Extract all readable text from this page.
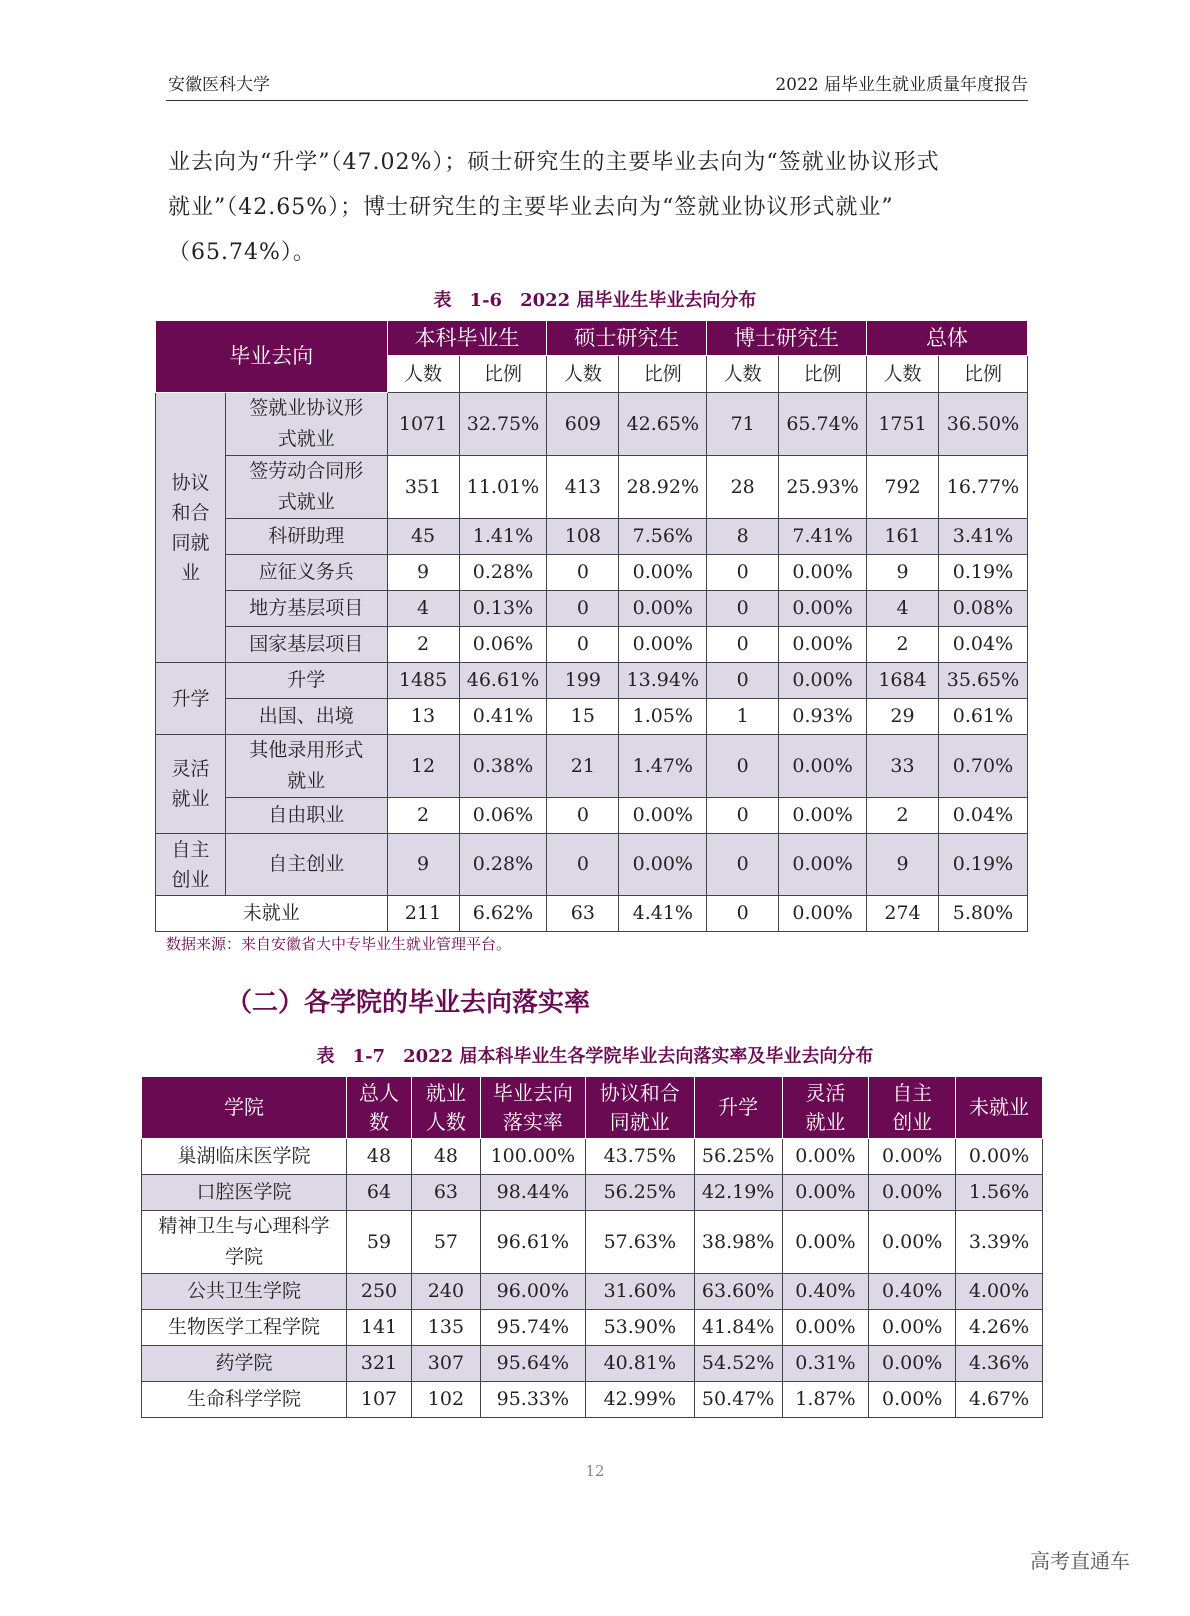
安徽医科大学	2022 届毕业生就业质量年度报告
业去向为“升学”（47.02%）；硕士研究生的主要毕业去向为“签就业协议形式
就业”（42.65%）；博士研究生的主要毕业去向为“签就业协议形式就业”
（65.74%）。
表　1-6　2022 届毕业生毕业去向分布
毕业去向		本科毕业生		硕士研究生		博士研究生		总体	
		人数	比例	人数	比例	人数	比例	人数	比例

协议和合同就业	签就业协议形式就业	1071	32.75%	609	42.65%	71	65.74%	1751	36.50%
	签劳动合同形式就业	351	11.01%	413	28.92%	28	25.93%	792	16.77%
	科研助理	45	1.41%	108	7.56%	8	7.41%	161	3.41%
	应征义务兵	9	0.28%	0	0.00%	0	0.00%	9	0.19%
	地方基层项目	4	0.13%	0	0.00%	0	0.00%	4	0.08%
	国家基层项目	2	0.06%	0	0.00%	0	0.00%	2	0.04%

升学	升学	1485	46.61%	199	13.94%	0	0.00%	1684	35.65%
	出国、出境	13	0.41%	15	1.05%	1	0.93%	29	0.61%

灵活就业	其他录用形式就业	12	0.38%	21	1.47%	0	0.00%	33	0.70%
	自由职业	2	0.06%	0	0.00%	0	0.00%	2	0.04%

自主创业	自主创业	9	0.28%	0	0.00%	0	0.00%	9	0.19%
未就业		211	6.62%	63	4.41%	0	0.00%	274	5.80%
数据来源：来自安徽省大中专毕业生就业管理平台。
（二）各学院的毕业去向落实率
表　1-7　2022 届本科毕业生各学院毕业去向落实率及毕业去向分布
学院	总人数	就业人数	毕业去向落实率	协议和合同就业	升学	灵活就业	自主创业	未就业

巢湖临床医学院	48	48	100.00%	43.75%	56.25%	0.00%	0.00%	0.00%
口腔医学院	64	63	98.44%	56.25%	42.19%	0.00%	0.00%	1.56%
精神卫生与心理科学学院	59	57	96.61%	57.63%	38.98%	0.00%	0.00%	3.39%
公共卫生学院	250	240	96.00%	31.60%	63.60%	0.40%	0.40%	4.00%
生物医学工程学院	141	135	95.74%	53.90%	41.84%	0.00%	0.00%	4.26%
药学院	321	307	95.64%	40.81%	54.52%	0.31%	0.00%	4.36%
生命科学学院	107	102	95.33%	42.99%	50.47%	1.87%	0.00%	4.67%
12
高考直通车
